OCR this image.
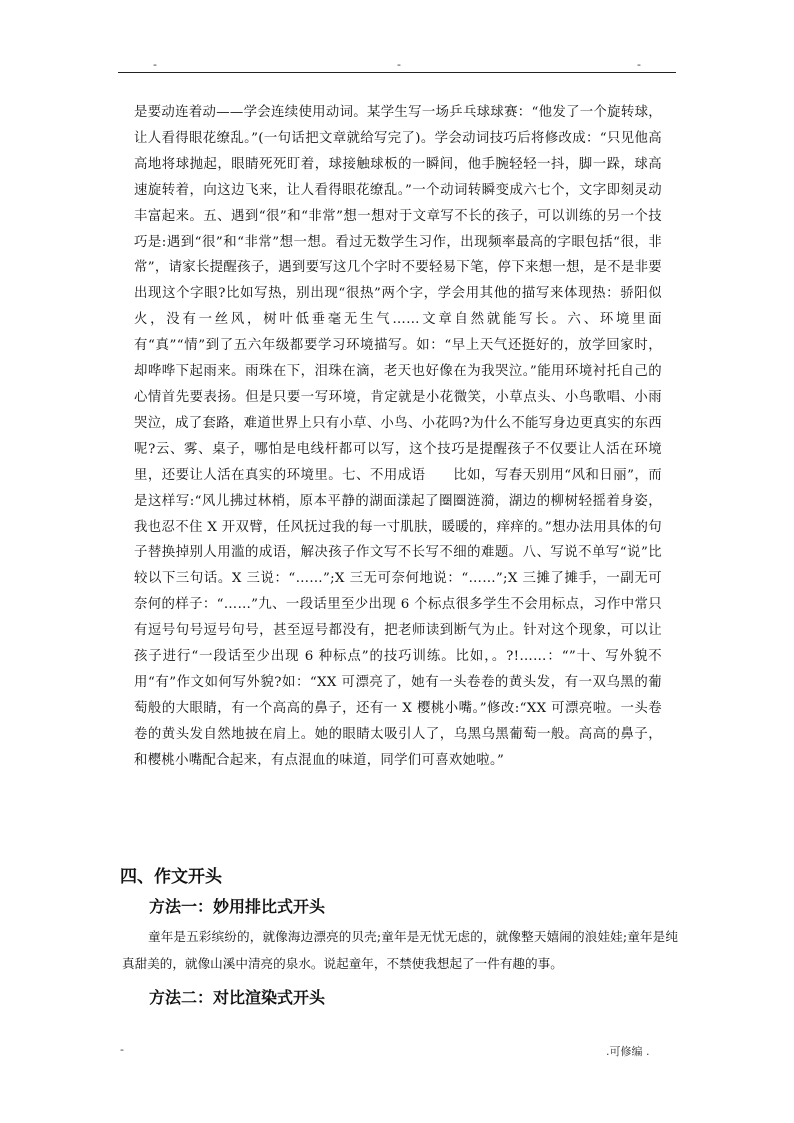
-	-	-

是要动连着动——学会连续使用动词。某学生写一场乒乓球球赛：“他发了一个旋转球，让人看得眼花缭乱。”(一句话把文章就给写完了)。学会动词技巧后将修改成：“只见他高高地将球抛起，眼睛死死盯着，球接触球板的一瞬间，他手腕轻轻一抖，脚一跺，球高速旋转着，向这边飞来，让人看得眼花缭乱。”一个动词转瞬变成六七个，文字即刻灵动丰富起来。五、遇到“很”和“非常”想一想对于文章写不长的孩子，可以训练的另一个技巧是:遇到“很”和“非常”想一想。看过无数学生习作，出现频率最高的字眼包括“很，非常”，请家长提醒孩子，遇到要写这几个字时不要轻易下笔，停下来想一想，是不是非要出现这个字眼?比如写热，别出现“很热”两个字，学会用其他的描写来体现热：骄阳似火，没有一丝风，树叶低垂毫无生气……文章自然就能写长。六、环境里面有“真”“情”到了五六年级都要学习环境描写。如：“早上天气还挺好的，放学回家时，却哗哗下起雨来。雨珠在下，泪珠在滴，老天也好像在为我哭泣。”能用环境衬托自己的心情首先要表扬。但是只要一写环境，肯定就是小花微笑，小草点头、小鸟歌唱、小雨哭泣，成了套路，难道世界上只有小草、小鸟、小花吗?为什么不能写身边更真实的东西呢?云、雾、桌子，哪怕是电线杆都可以写，这个技巧是提醒孩子不仅要让人活在环境里，还要让人活在真实的环境里。七、不用成语　　比如，写春天别用“风和日丽”，而是这样写:“风儿拂过林梢，原本平静的湖面漾起了圈圈涟漪，湖边的柳树轻摇着身姿，我也忍不住 X 开双臂，任风抚过我的每一寸肌肤，暖暖的，痒痒的。”想办法用具体的句子替换掉别人用滥的成语，解决孩子作文写不长写不细的难题。八、写说不单写“说”比较以下三句话。X 三说：“……”;X 三无可奈何地说：“……”;X 三摊了摊手，一副无可奈何的样子：“……”九、一段话里至少出现 6 个标点很多学生不会用标点，习作中常只有逗号句号逗号句号，甚至逗号都没有，把老师读到断气为止。针对这个现象，可以让孩子进行“一段话至少出现 6 种标点”的技巧训练。比如，。?!……：“”十、写外貌不用“有”作文如何写外貌?如：“XX 可漂亮了，她有一头卷卷的黄头发，有一双乌黑的葡萄般的大眼睛，有一个高高的鼻子，还有一 X 樱桃小嘴。”修改:“XX 可漂亮啦。一头卷卷的黄头发自然地披在肩上。她的眼睛太吸引人了，乌黑乌黑葡萄一般。高高的鼻子，和樱桃小嘴配合起来，有点混血的味道，同学们可喜欢她啦。”

四、作文开头
方法一：妙用排比式开头

童年是五彩缤纷的，就像海边漂亮的贝壳;童年是无忧无虑的，就像整天嬉闹的浪娃娃;童年是纯真甜美的，就像山溪中清亮的泉水。说起童年，不禁使我想起了一件有趣的事。

方法二：对比渲染式开头
-	.可修编 .
